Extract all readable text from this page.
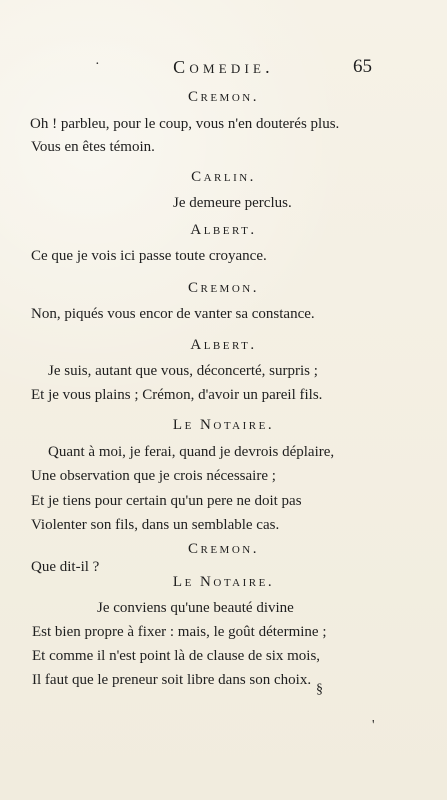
Comedie.	65
·
Cremon.
Oh ! parbleu, pour le coup, vous n'en douterés plus.
Vous en êtes témoin.
Carlin.
Je demeure perclus.
Albert.
Ce que je vois ici passe toute croyance.
Cremon.
Non, piqués vous encor de vanter sa constance.
Albert.
Je suis, autant que vous, déconcerté, surpris ;
Et je vous plains ; Crémon, d'avoir un pareil fils.
Le Notaire.
Quant à moi, je ferai, quand je devrois déplaire,
Une observation que je crois nécessaire ;
Et je tiens pour certain qu'un pere ne doit pas
Violenter son fils, dans un semblable cas.
Cremon.
Que dit-il ?
Le Notaire.
Je conviens qu'une beauté divine
Est bien propre à fixer : mais, le goût détermine ;
Et comme il n'est point là de clause de six mois,
Il faut que le preneur soit libre dans son choix.
§
'
